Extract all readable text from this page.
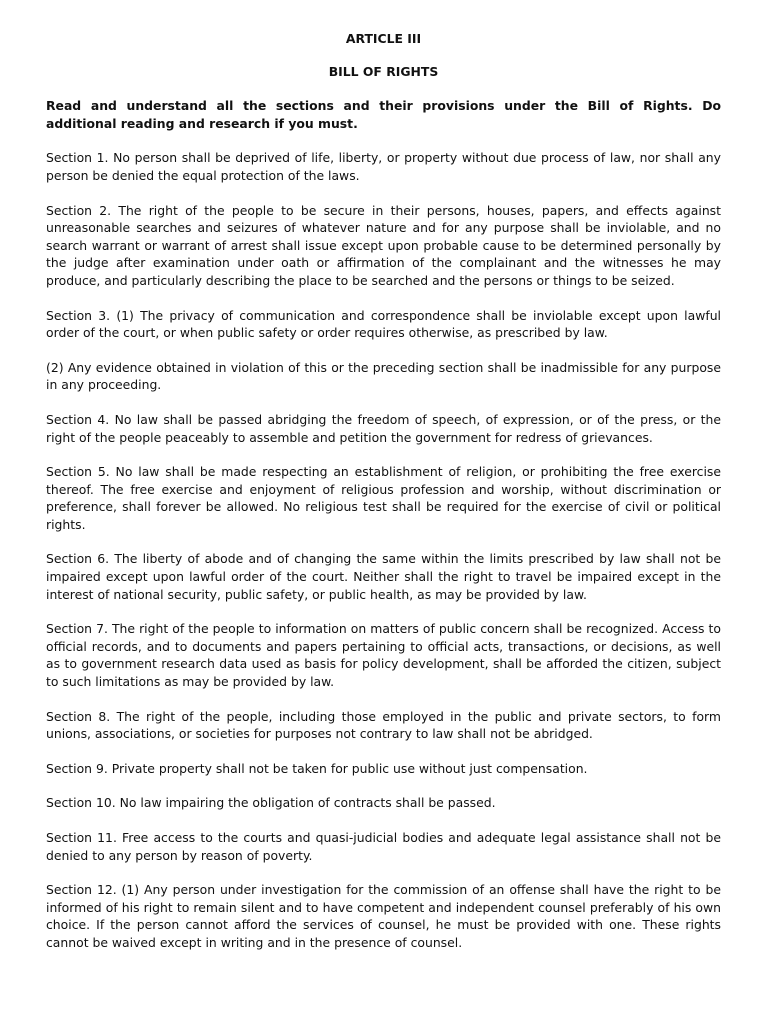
ARTICLE III

BILL OF RIGHTS

Read and understand all the sections and their provisions under the Bill of Rights. Do additional reading and research if you must.

Section 1. No person shall be deprived of life, liberty, or property without due process of law, nor shall any person be denied the equal protection of the laws.

Section 2. The right of the people to be secure in their persons, houses, papers, and effects against unreasonable searches and seizures of whatever nature and for any purpose shall be inviolable, and no search warrant or warrant of arrest shall issue except upon probable cause to be determined personally by the judge after examination under oath or affirmation of the complainant and the witnesses he may produce, and particularly describing the place to be searched and the persons or things to be seized.

Section 3. (1) The privacy of communication and correspondence shall be inviolable except upon lawful order of the court, or when public safety or order requires otherwise, as prescribed by law.

(2) Any evidence obtained in violation of this or the preceding section shall be inadmissible for any purpose in any proceeding.

Section 4. No law shall be passed abridging the freedom of speech, of expression, or of the press, or the right of the people peaceably to assemble and petition the government for redress of grievances.

Section 5. No law shall be made respecting an establishment of religion, or prohibiting the free exercise thereof. The free exercise and enjoyment of religious profession and worship, without discrimination or preference, shall forever be allowed. No religious test shall be required for the exercise of civil or political rights.

Section 6. The liberty of abode and of changing the same within the limits prescribed by law shall not be impaired except upon lawful order of the court. Neither shall the right to travel be impaired except in the interest of national security, public safety, or public health, as may be provided by law.

Section 7. The right of the people to information on matters of public concern shall be recognized. Access to official records, and to documents and papers pertaining to official acts, transactions, or decisions, as well as to government research data used as basis for policy development, shall be afforded the citizen, subject to such limitations as may be provided by law.

Section 8. The right of the people, including those employed in the public and private sectors, to form unions, associations, or societies for purposes not contrary to law shall not be abridged.

Section 9. Private property shall not be taken for public use without just compensation.

Section 10. No law impairing the obligation of contracts shall be passed.

Section 11. Free access to the courts and quasi-judicial bodies and adequate legal assistance shall not be denied to any person by reason of poverty.

Section 12. (1) Any person under investigation for the commission of an offense shall have the right to be informed of his right to remain silent and to have competent and independent counsel preferably of his own choice. If the person cannot afford the services of counsel, he must be provided with one. These rights cannot be waived except in writing and in the presence of counsel.
